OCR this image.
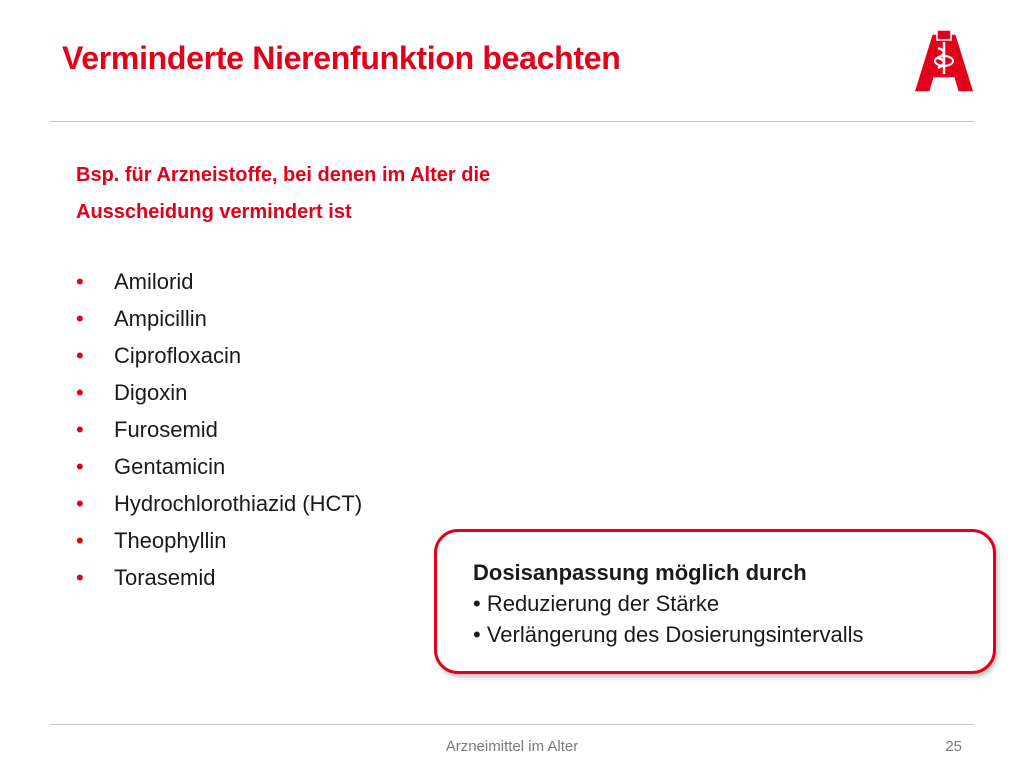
Verminderte Nierenfunktion beachten
Bsp. für Arzneistoffe, bei denen im Alter die
Ausscheidung vermindert ist
•	Amilorid
•	Ampicillin
•	Ciprofloxacin
•	Digoxin
•	Furosemid
•	Gentamicin
•	Hydrochlorothiazid (HCT)
•	Theophyllin
•	Torasemid	Dosisanpassung möglich durch
• Reduzierung der Stärke
• Verlängerung des Dosierungsintervalls
Arzneimittel im Alter	25
